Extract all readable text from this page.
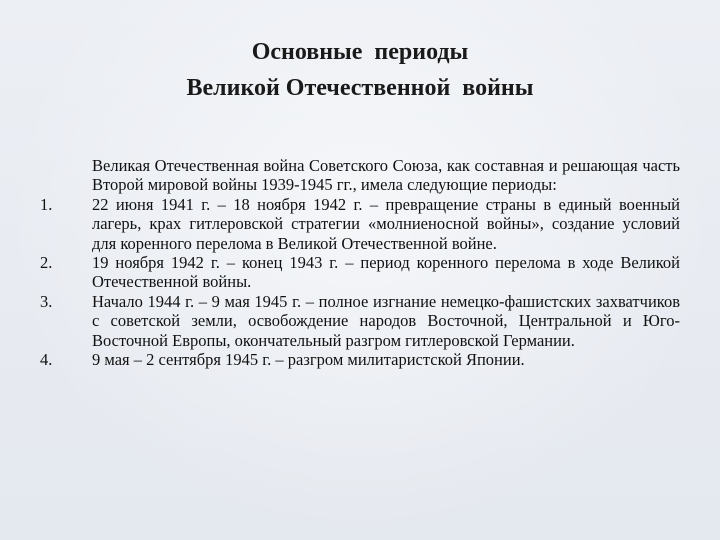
Основные  периоды
Великой Отечественной  войны
Великая Отечественная война Советского Союза, как составная и решающая часть Второй мировой войны 1939-1945 гг., имела следующие периоды:
1.	22 июня 1941 г. – 18 ноября 1942 г. – превращение страны в единый военный лагерь, крах гитлеровской стратегии «молниеносной войны», создание условий для коренного перелома в Великой Отечественной войне.
2.	19 ноября 1942 г. – конец 1943 г. – период коренного перелома в ходе Великой Отечественной войны.
3.	Начало 1944 г. – 9 мая 1945 г. – полное изгнание немецко-фашистских захватчиков с советской земли, освобождение народов Восточной, Центральной и Юго-Восточной Европы, окончательный разгром гитлеровской Германии.
4.	9 мая – 2 сентября 1945 г. – разгром милитаристской Японии.
